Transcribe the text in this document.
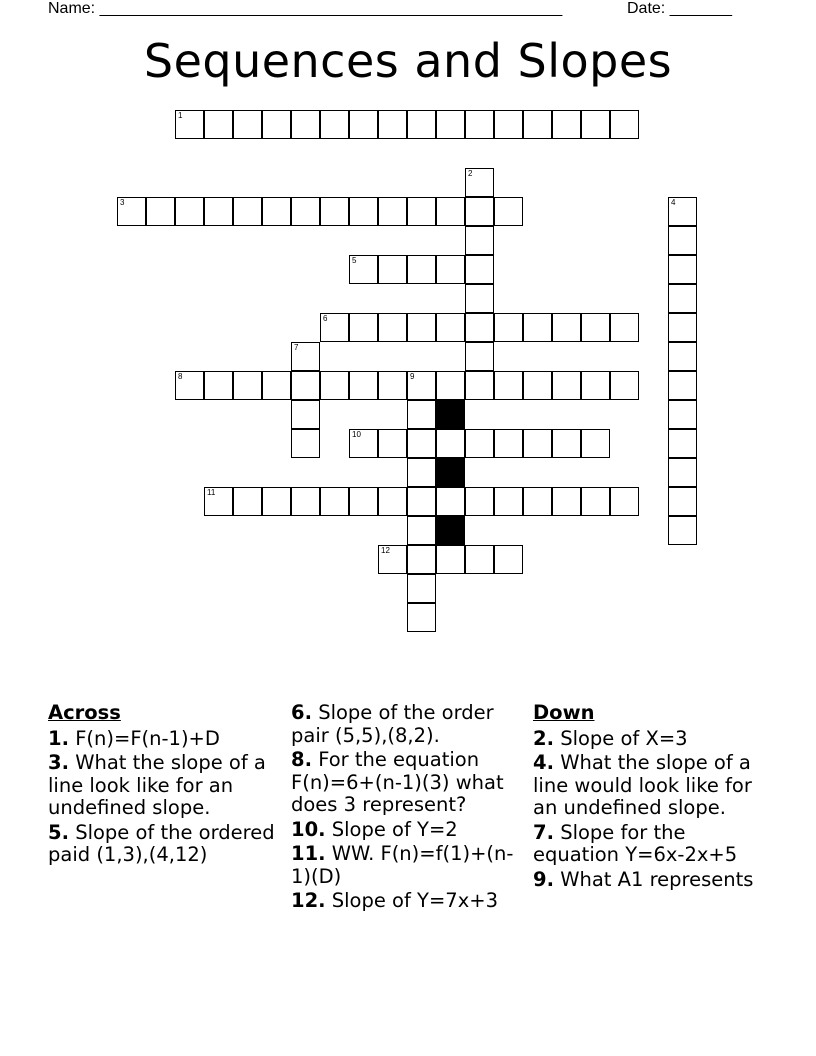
Name: ____________________________________________________	Date: _______
Sequences and Slopes
1
2
3	4
5
6
7
8	9
10
11
12
Across
1. F(n)=F(n-1)+D
3. What the slope of a line look like for an undefined slope.
5. Slope of the ordered paid (1,3),(4,12)
6. Slope of the order pair (5,5),(8,2).
8. For the equation F(n)=6+(n-1)(3) what does 3 represent?
10. Slope of Y=2
11. WW. F(n)=f(1)+(n-1)(D)
12. Slope of Y=7x+3
Down
2. Slope of X=3
4. What the slope of a line would look like for an undefined slope.
7. Slope for the equation Y=6x-2x+5
9. What A1 represents
